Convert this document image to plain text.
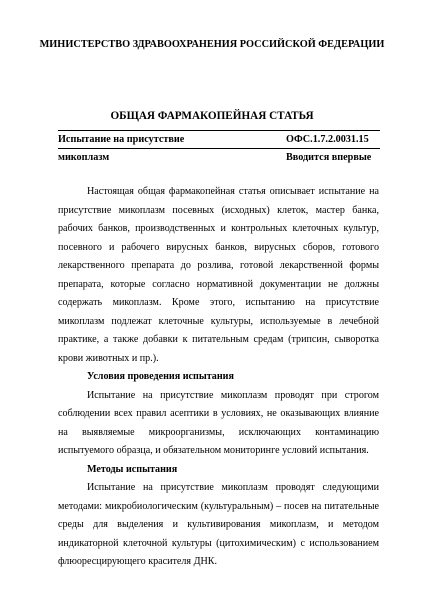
МИНИСТЕРСТВО ЗДРАВООХРАНЕНИЯ РОССИЙСКОЙ ФЕДЕРАЦИИ
ОБЩАЯ ФАРМАКОПЕЙНАЯ СТАТЬЯ
Испытание на присутствие	ОФС.1.7.2.0031.15
микоплазм	Вводится впервые

Настоящая общая фармакопейная статья описывает испытание на присутствие микоплазм посевных (исходных) клеток, мастер банка, рабочих банков, производственных и контрольных клеточных культур, посевного и рабочего вирусных банков, вирусных сборов, готового лекарственного препарата до розлива, готовой лекарственной формы препарата, которые согласно нормативной документации не должны содержать микоплазм. Кроме этого, испытанию на присутствие микоплазм подлежат клеточные культуры, используемые в лечебной практике, а также добавки к питательным средам (трипсин, сыворотка крови животных и пр.).

Условия проведения испытания

Испытание на присутствие микоплазм проводят при строгом соблюдении всех правил асептики в условиях, не оказывающих влияние на выявляемые микроорганизмы, исключающих контаминацию испытуемого образца, и обязательном мониторинге условий испытания.

Методы испытания

Испытание на присутствие микоплазм проводят следующими методами: микробиологическим (культуральным) – посев на питательные среды для выделения и культивирования микоплазм, и методом индикаторной клеточной культуры (цитохимическим) с использованием флюоресцирующего красителя ДНК.
